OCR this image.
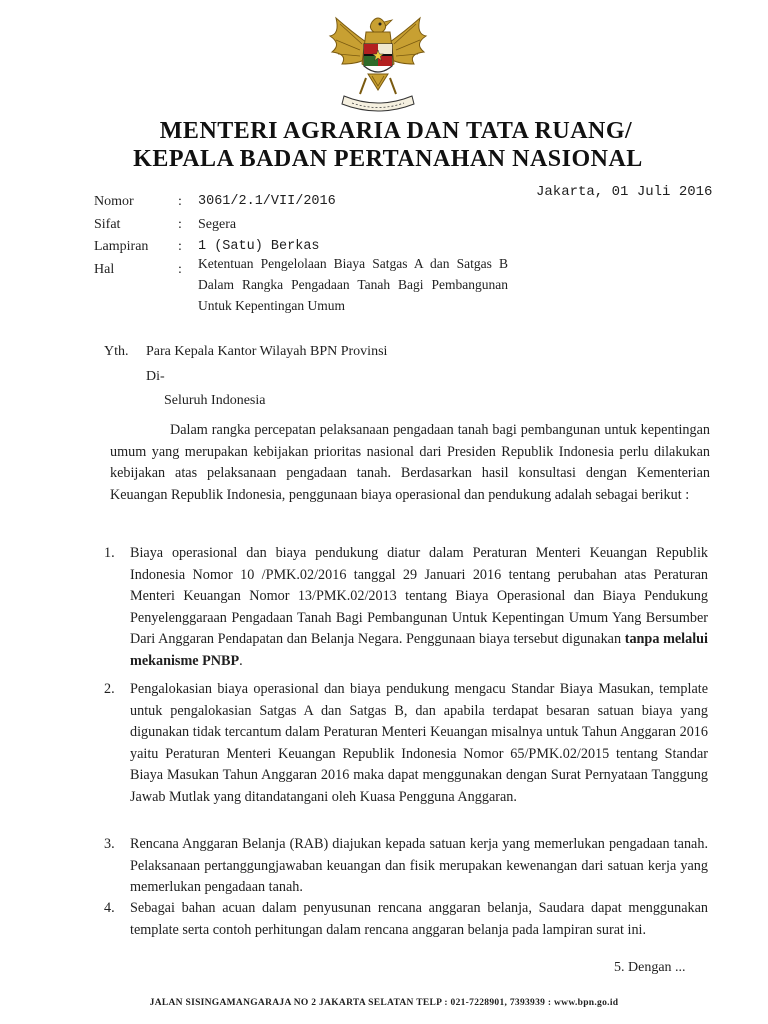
MENTERI AGRARIA DAN TATA RUANG/
KEPALA BADAN PERTANAHAN NASIONAL
Jakarta, 01 Juli 2016
Nomor	: 3061/2.1/VII/2016
Sifat	: Segera
Lampiran	: 1 (Satu) Berkas
Hal	: Ketentuan Pengelolaan Biaya Satgas A dan Satgas B Dalam Rangka Pengadaan Tanah Bagi Pembangunan Untuk Kepentingan Umum
Yth. Para Kepala Kantor Wilayah BPN Provinsi
Di-
Seluruh Indonesia
Dalam rangka percepatan pelaksanaan pengadaan tanah bagi pembangunan untuk kepentingan umum yang merupakan kebijakan prioritas nasional dari Presiden Republik Indonesia perlu dilakukan kebijakan atas pelaksanaan pengadaan tanah. Berdasarkan hasil konsultasi dengan Kementerian Keuangan Republik Indonesia, penggunaan biaya operasional dan pendukung adalah sebagai berikut :
1.	Biaya operasional dan biaya pendukung diatur dalam Peraturan Menteri Keuangan Republik Indonesia Nomor 10 /PMK.02/2016 tanggal 29 Januari 2016 tentang perubahan atas Peraturan Menteri Keuangan Nomor 13/PMK.02/2013 tentang Biaya Operasional dan Biaya Pendukung Penyelenggaraan Pengadaan Tanah Bagi Pembangunan Untuk Kepentingan Umum Yang Bersumber Dari Anggaran Pendapatan dan Belanja Negara. Penggunaan biaya tersebut digunakan tanpa melalui mekanisme PNBP.
2.	Pengalokasian biaya operasional dan biaya pendukung mengacu Standar Biaya Masukan, template untuk pengalokasian Satgas A dan Satgas B, dan apabila terdapat besaran satuan biaya yang digunakan tidak tercantum dalam Peraturan Menteri Keuangan misalnya untuk Tahun Anggaran 2016 yaitu Peraturan Menteri Keuangan Republik Indonesia Nomor 65/PMK.02/2015 tentang Standar Biaya Masukan Tahun Anggaran 2016 maka dapat menggunakan dengan Surat Pernyataan Tanggung Jawab Mutlak yang ditandatangani oleh Kuasa Pengguna Anggaran.
3.	Rencana Anggaran Belanja (RAB) diajukan kepada satuan kerja yang memerlukan pengadaan tanah. Pelaksanaan pertanggungjawaban keuangan dan fisik merupakan kewenangan dari satuan kerja yang memerlukan pengadaan tanah.
4.	Sebagai bahan acuan dalam penyusunan rencana anggaran belanja, Saudara dapat menggunakan template serta contoh perhitungan dalam rencana anggaran belanja pada lampiran surat ini.
5. Dengan ...
JALAN SISINGAMANGARAJA NO 2 JAKARTA SELATAN TELP : 021-7228901, 7393939 : www.bpn.go.id
